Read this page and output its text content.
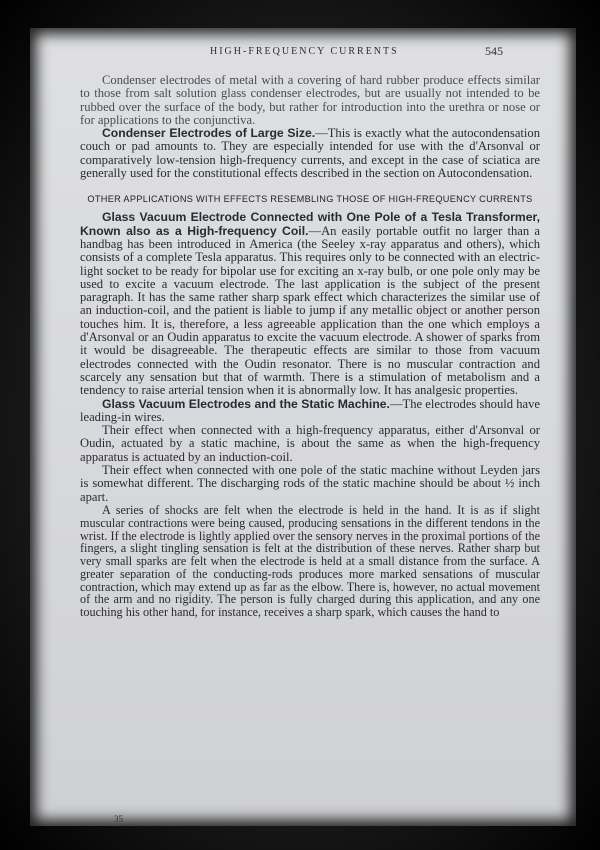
HIGH-FREQUENCY CURRENTS	545

Condenser electrodes of metal with a covering of hard rubber produce effects similar to those from salt solution glass condenser electrodes, but are usually not intended to be rubbed over the surface of the body, but rather for introduction into the urethra or nose or for applications to the conjunctiva.

Condenser Electrodes of Large Size.—This is exactly what the autocondensation couch or pad amounts to. They are especially intended for use with the d'Arsonval or comparatively low-tension high-frequency currents, and except in the case of sciatica are generally used for the constitutional effects described in the section on Autocondensation.

OTHER APPLICATIONS WITH EFFECTS RESEMBLING THOSE OF HIGH-FREQUENCY CURRENTS

Glass Vacuum Electrode Connected with One Pole of a Tesla Transformer, Known also as a High-frequency Coil.—An easily portable outfit no larger than a handbag has been introduced in America (the Seeley x-ray apparatus and others), which consists of a complete Tesla apparatus. This requires only to be connected with an electric-light socket to be ready for bipolar use for exciting an x-ray bulb, or one pole only may be used to excite a vacuum electrode. The last application is the subject of the present paragraph. It has the same rather sharp spark effect which characterizes the similar use of an induction-coil, and the patient is liable to jump if any metallic object or another person touches him. It is, therefore, a less agreeable application than the one which employs a d'Arsonval or an Oudin apparatus to excite the vacuum electrode. A shower of sparks from it would be disagreeable. The therapeutic effects are similar to those from vacuum electrodes connected with the Oudin resonator. There is no muscular contraction and scarcely any sensation but that of warmth. There is a stimulation of metabolism and a tendency to raise arterial tension when it is abnormally low. It has analgesic properties.

Glass Vacuum Electrodes and the Static Machine.—The electrodes should have leading-in wires.

Their effect when connected with a high-frequency apparatus, either d'Arsonval or Oudin, actuated by a static machine, is about the same as when the high-frequency apparatus is actuated by an induction-coil.

Their effect when connected with one pole of the static machine without Leyden jars is somewhat different. The discharging rods of the static machine should be about ½ inch apart.

A series of shocks are felt when the electrode is held in the hand. It is as if slight muscular contractions were being caused, producing sensations in the different tendons in the wrist. If the electrode is lightly applied over the sensory nerves in the proximal portions of the fingers, a slight tingling sensation is felt at the distribution of these nerves. Rather sharp but very small sparks are felt when the electrode is held at a small distance from the surface. A greater separation of the conducting-rods produces more marked sensations of muscular contraction, which may extend up as far as the elbow. There is, however, no actual movement of the arm and no rigidity. The person is fully charged during this application, and any one touching his other hand, for instance, receives a sharp spark, which causes the hand to

35
